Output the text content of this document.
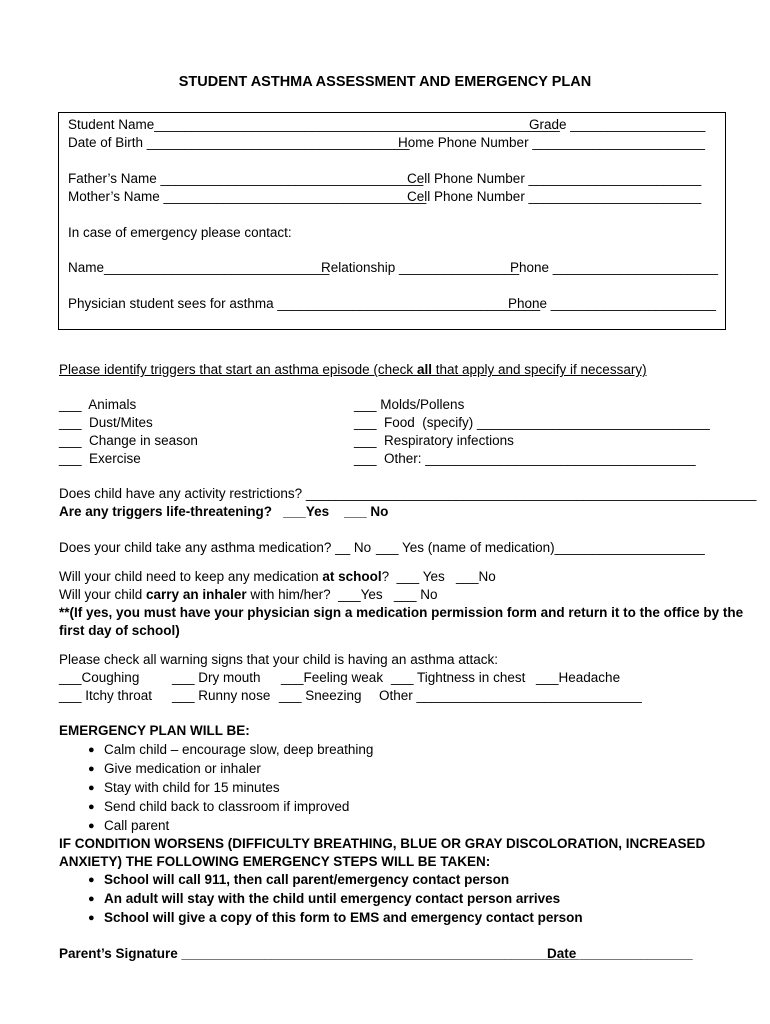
STUDENT ASTHMA ASSESSMENT AND EMERGENCY PLAN
Student Name______________________________________________________
Grade __________________
Date of Birth ___________________________________
Home Phone Number _______________________
Father’s Name ___________________________________
Cell Phone Number _______________________
Mother’s Name ___________________________________
Cell Phone Number _______________________
In case of emergency please contact:
Name______________________________
Relationship ________________
Phone ______________________
Physician student sees for asthma ___________________________________
Phone ______________________
Please identify triggers that start an asthma episode (check all that apply and specify if necessary)
___  Animals
___  Dust/Mites
___  Change in season
___  Exercise
___ Molds/Pollens
___  Food  (specify) _______________________________
___  Respiratory infections
___  Other: ____________________________________
Does child have any activity restrictions? ____________________________________________________________
Are any triggers life-threatening?   ___Yes    ___ No
Does your child take any asthma medication? __ No ___ Yes (name of medication)____________________
Will your child need to keep any medication at school?  ___ Yes   ___No
Will your child carry an inhaler with him/her?  ___Yes   ___ No
**(If yes, you must have your physician sign a medication permission form and return it to the office by the
first day of school)
Please check all warning signs that your child is having an asthma attack:
___Coughing ___ Dry mouth ___Feeling weak ___ Tightness in chest ___Headache
___ Itchy throat ___ Runny nose ___ Sneezing Other ______________________________
EMERGENCY PLAN WILL BE:
● Calm child – encourage slow, deep breathing
● Give medication or inhaler
● Stay with child for 15 minutes
● Send child back to classroom if improved
● Call parent
IF CONDITION WORSENS (DIFFICULTY BREATHING, BLUE OR GRAY DISCOLORATION, INCREASED
ANXIETY) THE FOLLOWING EMERGENCY STEPS WILL BE TAKEN:
● School will call 911, then call parent/emergency contact person
● An adult will stay with the child until emergency contact person arrives
● School will give a copy of this form to EMS and emergency contact person
Parent’s Signature _____________________________________________________
Date _______________
